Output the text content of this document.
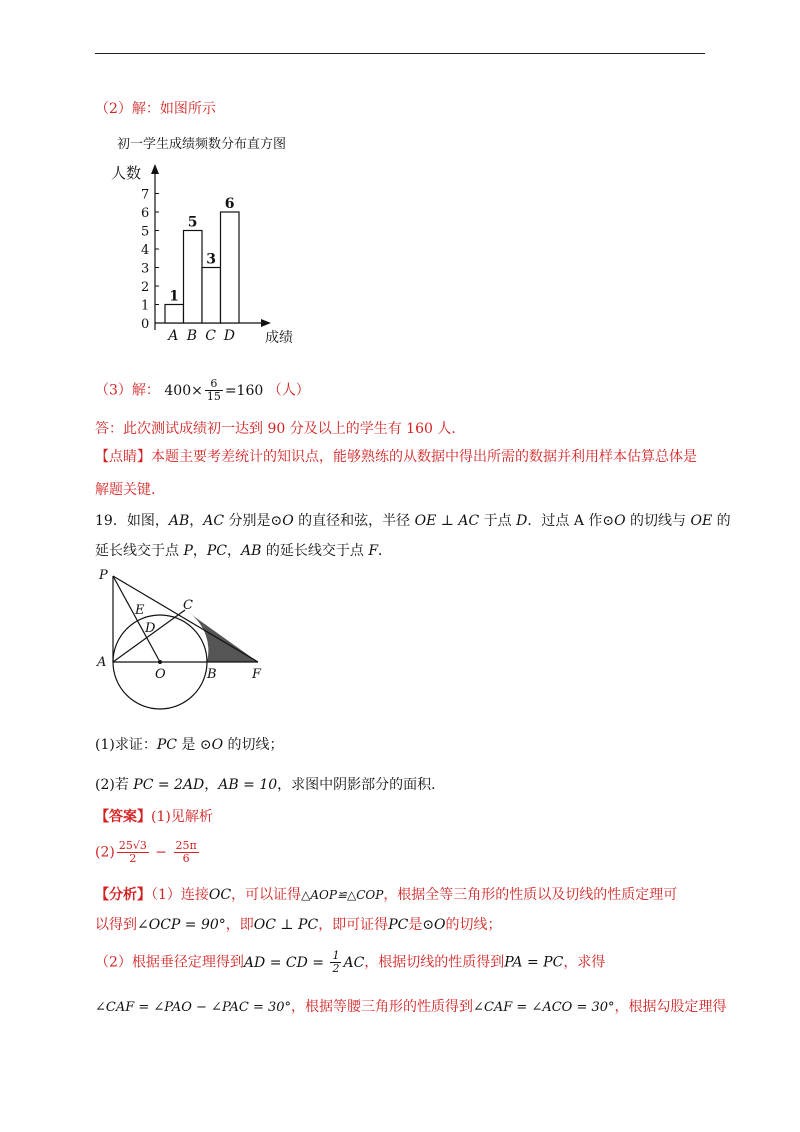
（2）解：如图所示
初一学生成绩频数分布直方图
人数
成绩
0
1
2
3
4
5
6
7
1
A
5
B
3
C
6
D
（3）解： $400\times \frac{6}{15} =160$ （人）
答：此次测试成绩初一达到 90 分及以上的学生有 160 人.
【点睛】本题主要考差统计的知识点，能够熟练的从数据中得出所需的数据并利用样本估算总体是
解题关键.
19．如图，AB，AC 分别是⊙O 的直径和弦，半径 OE ⊥ AC 于点 D．过点 A 作⊙O 的切线与 OE 的
延长线交于点 P，PC，AB 的延长线交于点 F．
P
E	C
D
A
O	B	F
(1)求证：PC 是 ⊙O 的切线；
(2)若 PC = 2AD，AB = 10，求图中阴影部分的面积．
【答案】(1)见解析
$(2) \frac{25√3}{2} - \frac{25\pi}{6}$
【分析】（1）连接OC，可以证得△AOP≌△COP，根据全等三角形的性质以及切线的性质定理可
以得到∠OCP = 90°，即OC ⊥ PC，即可证得PC是⊙O的切线；
（2）根据垂径定理得到AD = CD = $\frac{1}{2}$ AC，根据切线的性质得到PA = PC，求得
∠CAF = ∠PAO − ∠PAC = 30°，根据等腰三角形的性质得到∠CAF = ∠ACO = 30°，根据勾股定理得
